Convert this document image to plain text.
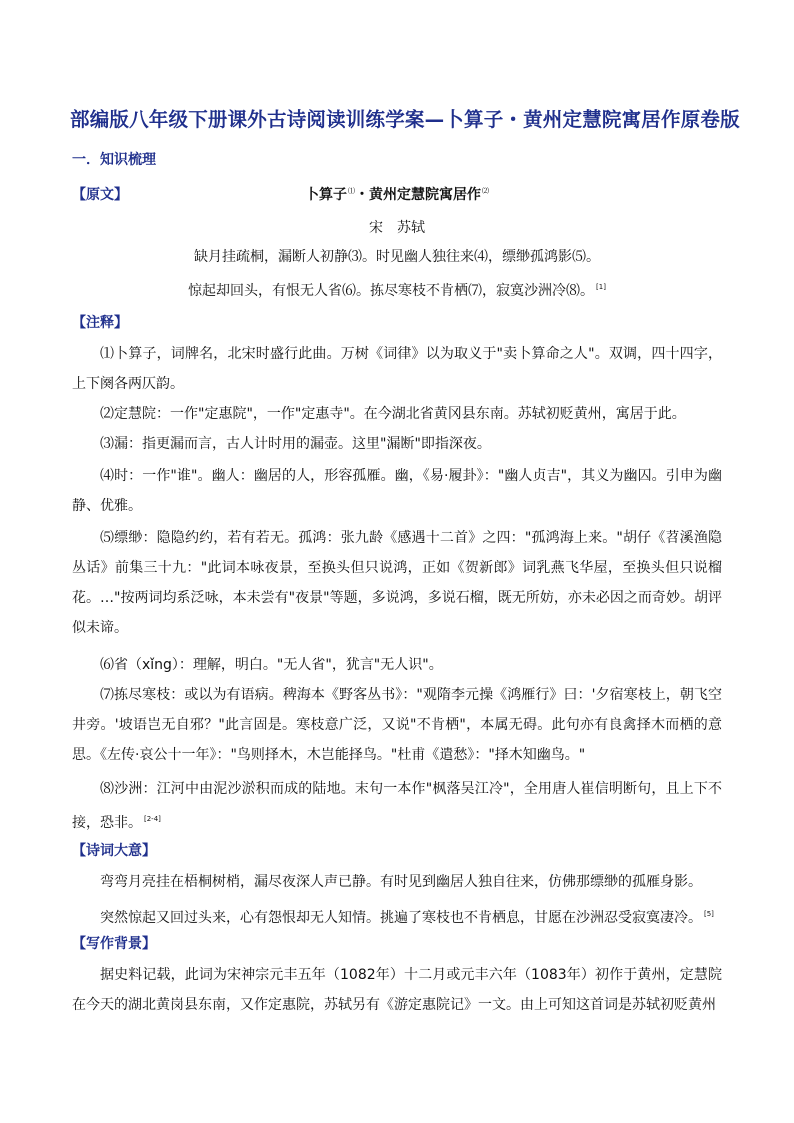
部编版八年级下册课外古诗阅读训练学案—卜算子・黄州定慧院寓居作原卷版
一．知识梳理
【原文】	卜算子⑴・黄州定慧院寓居作⑵
宋　苏轼
缺月挂疏桐，漏断人初静⑶。时见幽人独往来⑷，缥缈孤鸿影⑸。
惊起却回头，有恨无人省⑹。拣尽寒枝不肯栖⑺，寂寞沙洲冷⑻。 [1]
【注释】
⑴卜算子，词牌名，北宋时盛行此曲。万树《词律》以为取义于"卖卜算命之人"。双调，四十四字，上下阕各两仄韵。
⑵定慧院：一作"定惠院"，一作"定惠寺"。在今湖北省黄冈县东南。苏轼初贬黄州，寓居于此。
⑶漏：指更漏而言，古人计时用的漏壶。这里"漏断"即指深夜。
⑷时：一作"谁"。幽人：幽居的人，形容孤雁。幽，《易·履卦》："幽人贞吉"，其义为幽囚。引申为幽静、优雅。
⑸缥缈：隐隐约约，若有若无。孤鸿：张九龄《感遇十二首》之四："孤鸿海上来。"胡仔《苕溪渔隐丛话》前集三十九："此词本咏夜景，至换头但只说鸿，正如《贺新郎》词乳燕飞华屋，至换头但只说榴花。…"按两词均系泛咏，本未尝有"夜景"等题，多说鸿，多说石榴，既无所妨，亦未必因之而奇妙。胡评似未谛。
⑹省（xǐng）：理解，明白。"无人省"，犹言"无人识"。
⑺拣尽寒枝：或以为有语病。稗海本《野客丛书》："观隋李元操《鸿雁行》曰：'夕宿寒枝上，朝飞空井旁。'坡语岂无自邪？"此言固是。寒枝意广泛，又说"不肯栖"，本属无碍。此句亦有良禽择木而栖的意思。《左传·哀公十一年》："鸟则择木，木岂能择鸟。"杜甫《遣愁》："择木知幽鸟。"
⑻沙洲：江河中由泥沙淤积而成的陆地。末句一本作"枫落吴江冷"，全用唐人崔信明断句，且上下不接，恐非。 [2-4]
【诗词大意】
弯弯月亮挂在梧桐树梢，漏尽夜深人声已静。有时见到幽居人独自往来，仿佛那缥缈的孤雁身影。
突然惊起又回过头来，心有怨恨却无人知情。挑遍了寒枝也不肯栖息，甘愿在沙洲忍受寂寞凄冷。 [5]
【写作背景】
据史料记载，此词为宋神宗元丰五年（1082年）十二月或元丰六年（1083年）初作于黄州，定慧院在今天的湖北黄岗县东南，又作定惠院，苏轼另有《游定惠院记》一文。由上可知这首词是苏轼初贬黄州
